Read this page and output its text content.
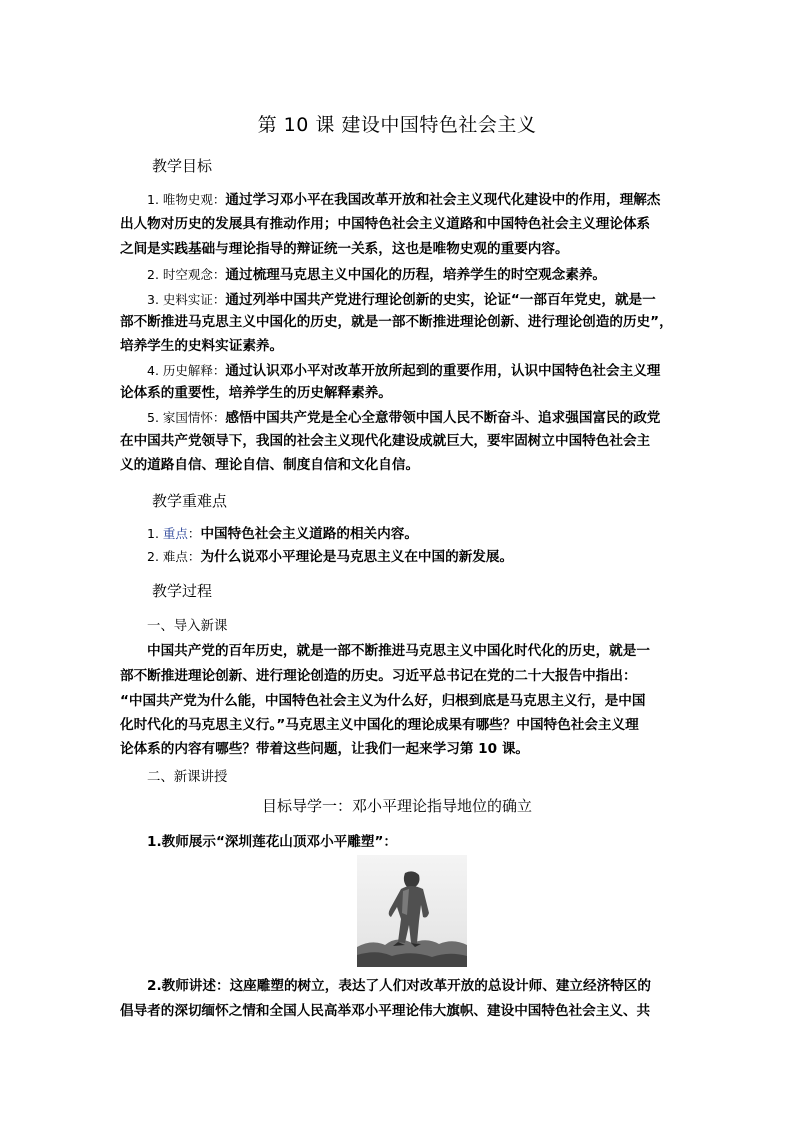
第 10 课 建设中国特色社会主义
教学目标
1. 唯物史观：通过学习邓小平在我国改革开放和社会主义现代化建设中的作用，理解杰
出人物对历史的发展具有推动作用；中国特色社会主义道路和中国特色社会主义理论体系
之间是实践基础与理论指导的辩证统一关系，这也是唯物史观的重要内容。
2. 时空观念：通过梳理马克思主义中国化的历程，培养学生的时空观念素养。
3. 史料实证：通过列举中国共产党进行理论创新的史实，论证“一部百年党史，就是一
部不断推进马克思主义中国化的历史，就是一部不断推进理论创新、进行理论创造的历史”，
培养学生的史料实证素养。
4. 历史解释：通过认识邓小平对改革开放所起到的重要作用，认识中国特色社会主义理
论体系的重要性，培养学生的历史解释素养。
5. 家国情怀：感悟中国共产党是全心全意带领中国人民不断奋斗、追求强国富民的政党
在中国共产党领导下，我国的社会主义现代化建设成就巨大，要牢固树立中国特色社会主
义的道路自信、理论自信、制度自信和文化自信。
教学重难点
1. 重点：中国特色社会主义道路的相关内容。
2. 难点：为什么说邓小平理论是马克思主义在中国的新发展。
教学过程
一、导入新课
中国共产党的百年历史，就是一部不断推进马克思主义中国化时代化的历史，就是一
部不断推进理论创新、进行理论创造的历史。习近平总书记在党的二十大报告中指出：
“中国共产党为什么能，中国特色社会主义为什么好，归根到底是马克思主义行，是中国
化时代化的马克思主义行。”马克思主义中国化的理论成果有哪些？中国特色社会主义理
论体系的内容有哪些？带着这些问题，让我们一起来学习第 10 课。
二、新课讲授
目标导学一：邓小平理论指导地位的确立
1.教师展示“深圳莲花山顶邓小平雕塑”：
2.教师讲述：这座雕塑的树立，表达了人们对改革开放的总设计师、建立经济特区的
倡导者的深切缅怀之情和全国人民高举邓小平理论伟大旗帜、建设中国特色社会主义、共
